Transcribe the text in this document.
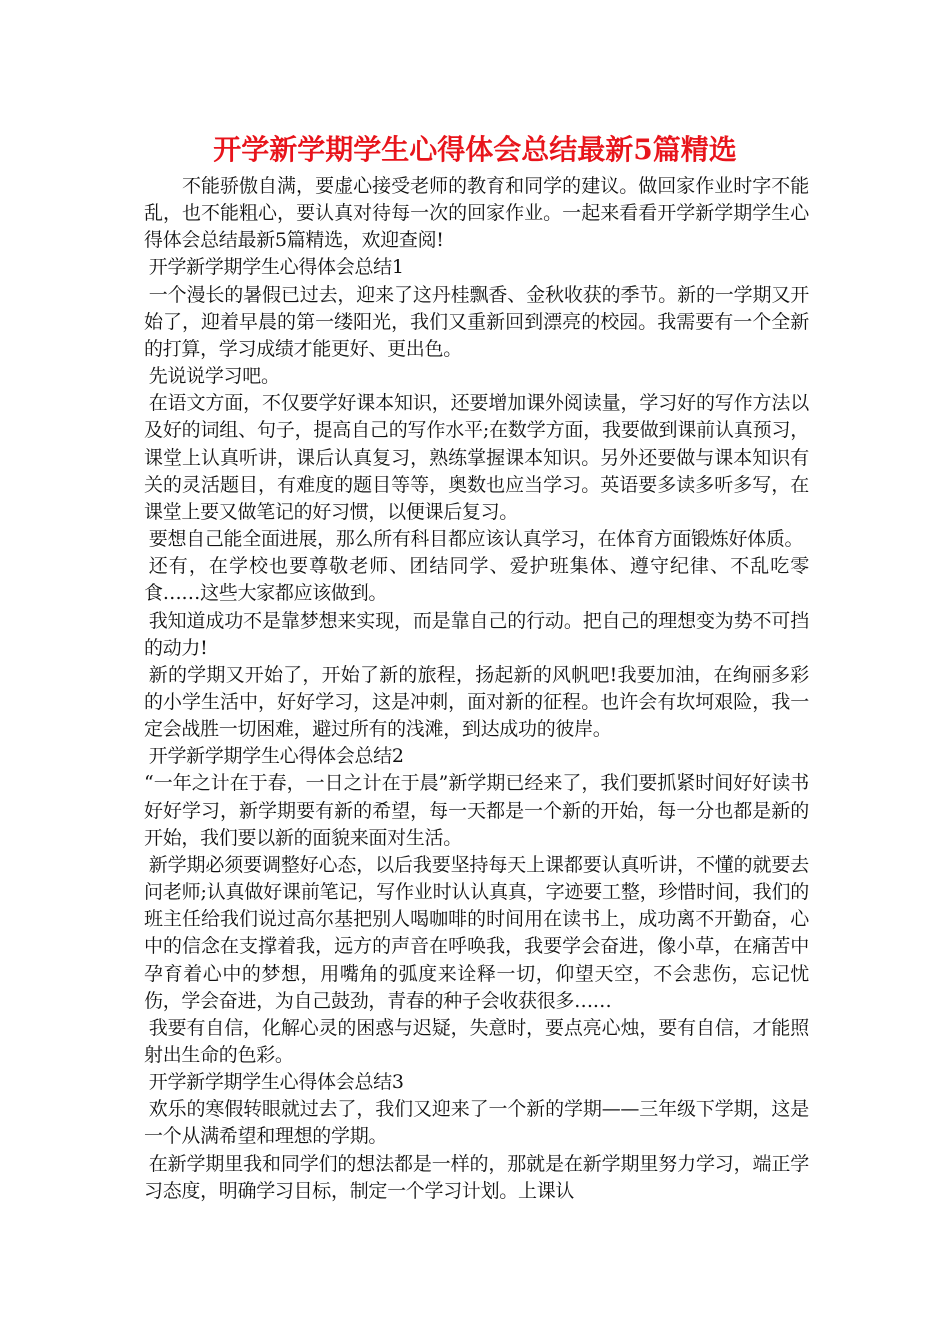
开学新学期学生心得体会总结最新5篇精选

不能骄傲自满，要虚心接受老师的教育和同学的建议。做回家作业时字不能乱，也不能粗心，要认真对待每一次的回家作业。一起来看看开学新学期学生心得体会总结最新5篇精选，欢迎查阅!

开学新学期学生心得体会总结1

一个漫长的暑假已过去，迎来了这丹桂飘香、金秋收获的季节。新的一学期又开始了，迎着早晨的第一缕阳光，我们又重新回到漂亮的校园。我需要有一个全新的打算，学习成绩才能更好、更出色。

先说说学习吧。

在语文方面，不仅要学好课本知识，还要增加课外阅读量，学习好的写作方法以及好的词组、句子，提高自己的写作水平;在数学方面，我要做到课前认真预习，课堂上认真听讲，课后认真复习，熟练掌握课本知识。另外还要做与课本知识有关的灵活题目，有难度的题目等等，奥数也应当学习。英语要多读多听多写，在课堂上要又做笔记的好习惯，以便课后复习。

要想自己能全面进展，那么所有科目都应该认真学习，在体育方面锻炼好体质。

还有，在学校也要尊敬老师、团结同学、爱护班集体、遵守纪律、不乱吃零食……这些大家都应该做到。

我知道成功不是靠梦想来实现，而是靠自己的行动。把自己的理想变为势不可挡的动力!

新的学期又开始了，开始了新的旅程，扬起新的风帆吧!我要加油，在绚丽多彩的小学生活中，好好学习，这是冲刺，面对新的征程。也许会有坎坷艰险，我一定会战胜一切困难，避过所有的浅滩，到达成功的彼岸。

开学新学期学生心得体会总结2

“一年之计在于春，一日之计在于晨”新学期已经来了，我们要抓紧时间好好读书好好学习，新学期要有新的希望，每一天都是一个新的开始，每一分也都是新的开始，我们要以新的面貌来面对生活。

新学期必须要调整好心态，以后我要坚持每天上课都要认真听讲，不懂的就要去问老师;认真做好课前笔记，写作业时认认真真，字迹要工整，珍惜时间，我们的班主任给我们说过高尔基把别人喝咖啡的时间用在读书上，成功离不开勤奋，心中的信念在支撑着我，远方的声音在呼唤我，我要学会奋进，像小草，在痛苦中孕育着心中的梦想，用嘴角的弧度来诠释一切，仰望天空，不会悲伤，忘记忧伤，学会奋进，为自己鼓劲，青春的种子会收获很多……

我要有自信，化解心灵的困惑与迟疑，失意时，要点亮心烛，要有自信，才能照射出生命的色彩。

开学新学期学生心得体会总结3

欢乐的寒假转眼就过去了，我们又迎来了一个新的学期——三年级下学期，这是一个从满希望和理想的学期。

在新学期里我和同学们的想法都是一样的，那就是在新学期里努力学习，端正学习态度，明确学习目标，制定一个学习计划。上课认
